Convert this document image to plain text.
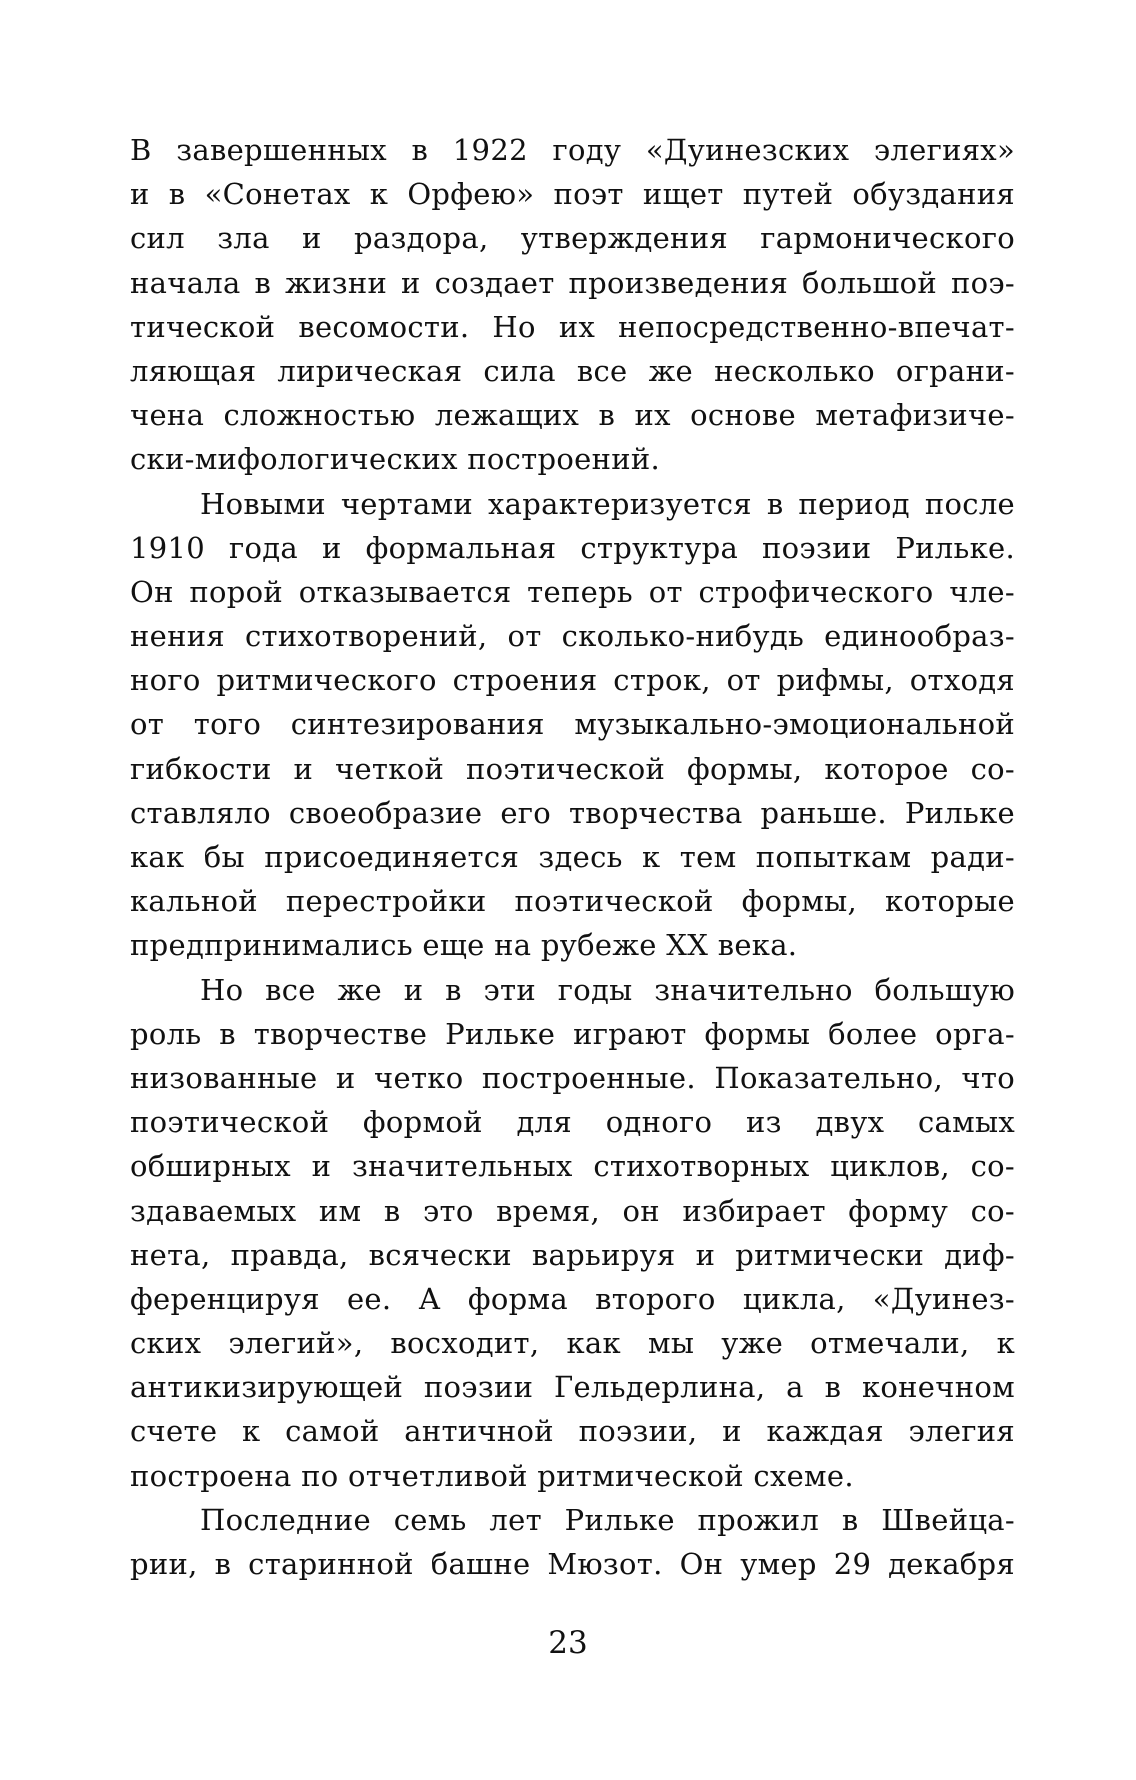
В завершенных в 1922 году «Дуинезских элегиях»
и в «Сонетах к Орфею» поэт ищет путей обуздания
сил зла и раздора, утверждения гармонического
начала в жизни и создает произведения большой поэ-
тической весомости. Но их непосредственно-впечат-
ляющая лирическая сила все же несколько ограни-
чена сложностью лежащих в их основе метафизиче-
ски-мифологических построений.
Новыми чертами характеризуется в период после
1910 года и формальная структура поэзии Рильке.
Он порой отказывается теперь от строфического чле-
нения стихотворений, от сколько-нибудь единообраз-
ного ритмического строения строк, от рифмы, отходя
от того синтезирования музыкально-эмоциональной
гибкости и четкой поэтической формы, которое со-
ставляло своеобразие его творчества раньше. Рильке
как бы присоединяется здесь к тем попыткам ради-
кальной перестройки поэтической формы, которые
предпринимались еще на рубеже XX века.
Но все же и в эти годы значительно большую
роль в творчестве Рильке играют формы более орга-
низованные и четко построенные. Показательно, что
поэтической формой для одного из двух самых
обширных и значительных стихотворных циклов, со-
здаваемых им в это время, он избирает форму со-
нета, правда, всячески варьируя и ритмически диф-
ференцируя ее. А форма второго цикла, «Дуинез-
ских элегий», восходит, как мы уже отмечали, к
антикизирующей поэзии Гельдерлина, а в конечном
счете к самой античной поэзии, и каждая элегия
построена по отчетливой ритмической схеме.
Последние семь лет Рильке прожил в Швейца-
рии, в старинной башне Мюзот. Он умер 29 декабря
23
